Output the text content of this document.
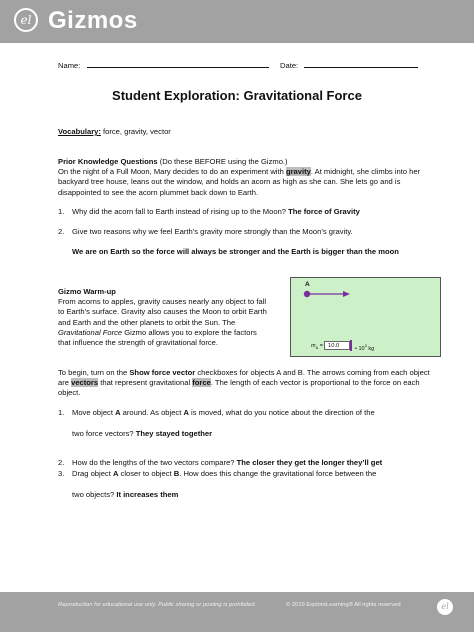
el Gizmos
Name:	Date:
Student Exploration: Gravitational Force
Vocabulary: force, gravity, vector
Prior Knowledge Questions (Do these BEFORE using the Gizmo.)
On the night of a Full Moon, Mary decides to do an experiment with gravity. At midnight, she climbs into her backyard tree house, leans out the window, and holds an acorn as high as she can. She lets go and is disappointed to see the acorn plummet back down to Earth.
1. Why did the acorn fall to Earth instead of rising up to the Moon? The force of Gravity
2. Give two reasons why we feel Earth’s gravity more strongly than the Moon’s gravity.
We are on Earth so the force will always be stronger and the Earth is bigger than the moon
Gizmo Warm-up
From acorns to apples, gravity causes nearly any object to fall to Earth’s surface. Gravity also causes the Moon to orbit Earth and Earth and the other planets to orbit the Sun. The Gravitational Force Gizmo allows you to explore the factors that influence the strength of gravitational force.
A
$m_A = 10.0$	• $10^3$ kg
To begin, turn on the Show force vector checkboxes for objects A and B. The arrows coming from each object are vectors that represent gravitational force. The length of each vector is proportional to the force on each object.
1. Move object A around. As object A is moved, what do you notice about the direction of the
two force vectors? They stayed together
2. How do the lengths of the two vectors compare? The closer they get the longer they’ll get
3. Drag object A closer to object B. How does this change the gravitational force between the
two objects? It increases them
Reproduction for educational use only. Public sharing or posting is prohibited.	© 2019 ExploreLearning® All rights reserved	el
